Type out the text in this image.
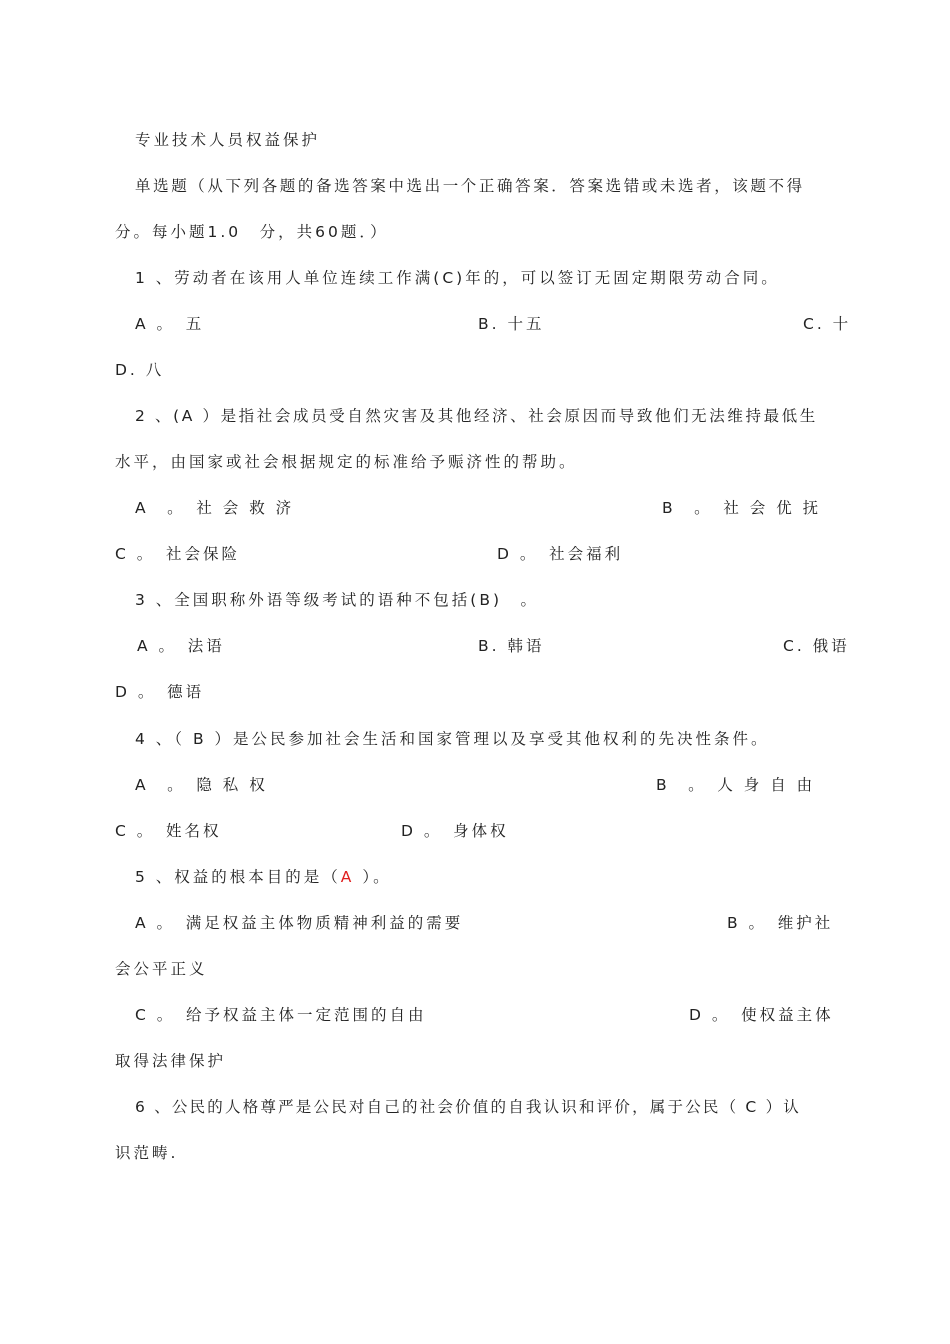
专业技术人员权益保护
单选题（从下列各题的备选答案中选出一个正确答案．答案选错或未选者，该题不得
分。每小题1.0　分，共60题．）
1 、劳动者在该用人单位连续工作满(C)年的，可以签订无固定期限劳动合同。
A 。　五	B. 十五	C. 十
D. 八
2 、(A ）是指社会成员受自然灾害及其他经济、社会原因而导致他们无法维持最低生
水平，由国家或社会根据规定的标准给予赈济性的帮助。
A　。　社 会 救 济	B　。　社 会 优 抚
C 。　社会保险	D 。　社会福利
3 、全国职称外语等级考试的语种不包括(B)　。
A 。　法语	B. 韩语	C. 俄语
D 。　德语
4 、（ B ）是公民参加社会生活和国家管理以及享受其他权利的先决性条件。
A　。　隐 私 权	B　。　人 身 自 由
C 。　姓名权	D 。　身体权
5 、权益的根本目的是（A ）。
A 。　满足权益主体物质精神利益的需要	B 。　维护社
会公平正义
C 。　给予权益主体一定范围的自由	D 。　使权益主体
取得法律保护
6 、公民的人格尊严是公民对自己的社会价值的自我认识和评价，属于公民（ C ）认
识范畴.
